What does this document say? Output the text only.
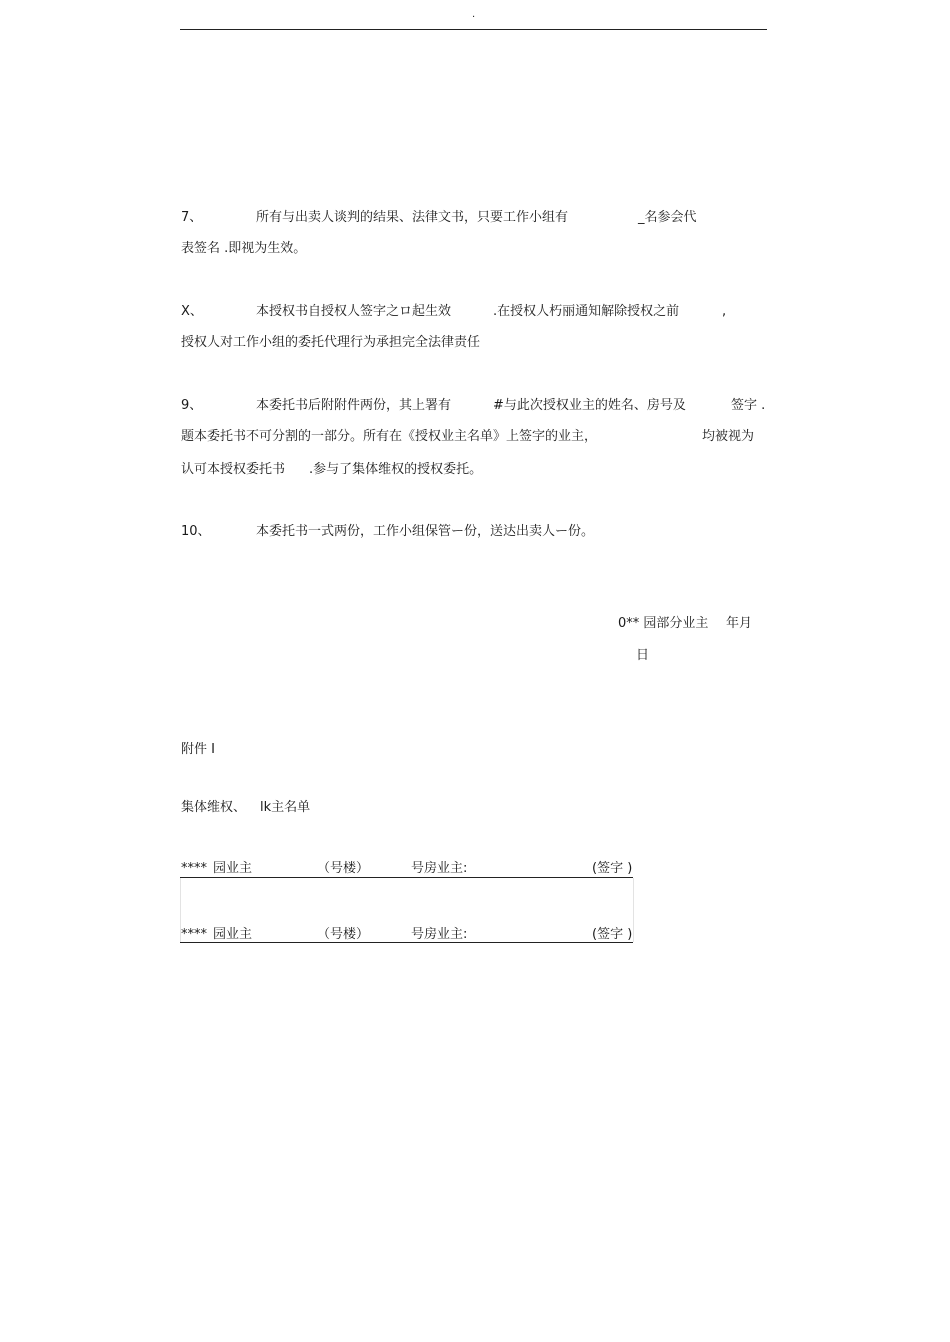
.
7、	所有与出卖人谈判的结果、法律文书，只要工作小组有	_名参会代
表签名 .即视为生效。
X、	本授权书自授权人签字之ロ起生效	.在授权人朽丽通知解除授权之前	,
授权人对工作小组的委托代理行为承担完全法律责任
9、	本委托书后附附件两份，其上署有	#与此次授权业主的姓名、房号及	签字 .
题本委托书不可分割的一部分。所有在《授权业主名单》上签字的业主，	均被视为
认可本授权委托书 .参与了集体维权的授权委托。
10、	本委托书一式两份，工作小组保管ー份，送达出卖人ー份。
0** 园部分业主 年月
日
附件 I
集体维权、 lk主名单
**** 园业主	（号楼）	号房业主:	(签字 )
**** 园业主	（号楼）	号房业主:	(签字 )
